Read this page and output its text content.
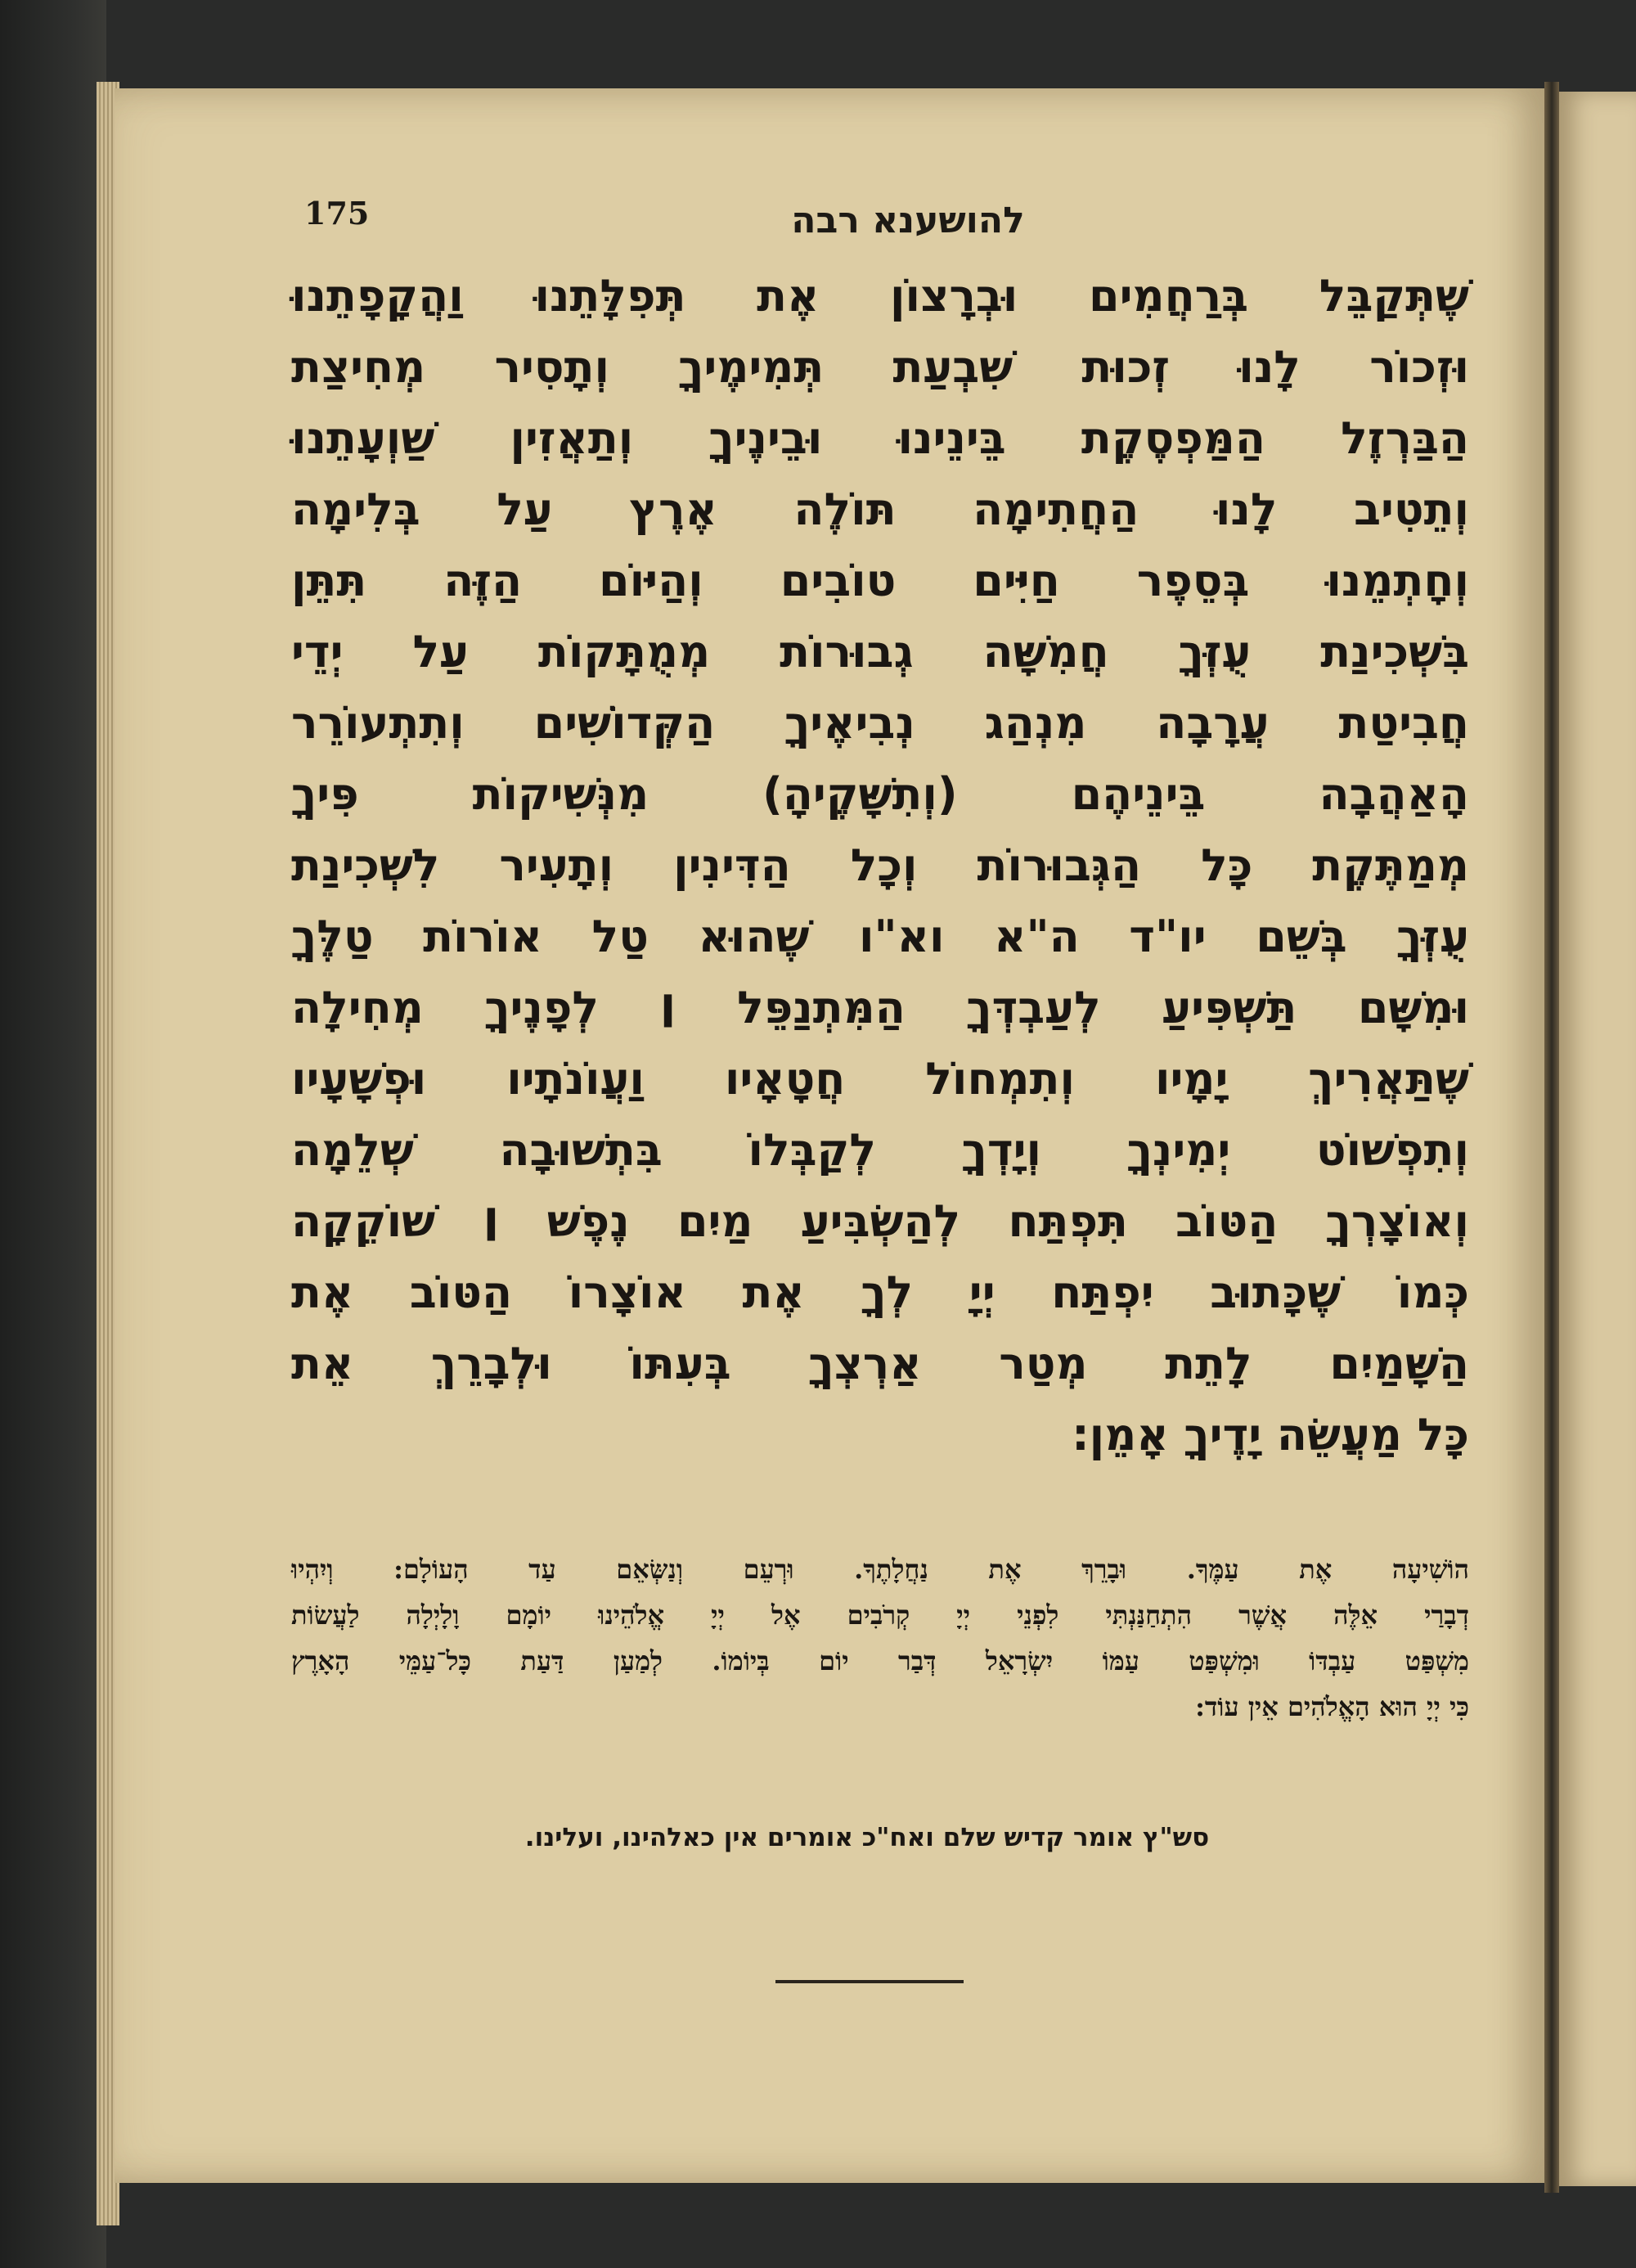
175	להושענא רבה
שֶׁתְּקַבֵּל בְּרַחֲמִים וּבְרָצוֹן אֶת תְּפִלָּתֵנוּ וַהֲקָפָתֵנוּ
וּזְכוֹר לָנוּ זְכוּת שִׁבְעַת תְּמִימֶיךָ וְתָסִיר מְחִיצַת
הַבַּרְזֶל הַמַּפְסֶקֶת בֵּינֵינוּ וּבֵינֶיךָ וְתַאֲזִין שַׁוְעָתֵנוּ
וְתֵטִיב לָנוּ הַחֲתִימָה תּוֹלֶה אֶרֶץ עַל בְּלִימָה
וְחָתְמֵנוּ בְּסֵפֶר חַיִּים טוֹבִים וְהַיּוֹם הַזֶּה תִּתֵּן
בִּשְׁכִינַת עֻזְּךָ חֲמִשָּׁה גְבוּרוֹת מְמֻתָּקוֹת עַל יְדֵי
חֲבִיטַת עֲרָבָה מִנְהַג נְבִיאֶיךָ הַקְּדוֹשִׁים וְתִתְעוֹרֵר
הָאַהֲבָה בֵּינֵיהֶם (וְתִשָּׁקֶיהָ) מִנְּשִׁיקוֹת פִּיךָ
מְמַתֶּקֶת כָּל הַגְּבוּרוֹת וְכָל הַדִּינִין וְתָעִיר לִשְׁכִינַת
עֻזְּךָ בְּשֵׁם יו"ד ה"א וא"ו שֶׁהוּא טַל אוֹרוֹת טַלֶּךָ
וּמִשָּׁם תַּשְׁפִּיעַ לְעַבְדְּךָ הַמִּתְנַפֵּל ׀ לְפָנֶיךָ מְחִילָה
שֶׁתַּאֲרִיךְ יָמָיו וְתִמְחוֹל חֲטָאָיו וַעֲוֹנֹתָיו וּפְשָׁעָיו
וְתִפְשׁוֹט יְמִינְךָ וְיָדְךָ לְקַבְּלוֹ בִּתְשׁוּבָה שְׁלֵמָה
וְאוֹצָרְךָ הַטּוֹב תִּפְתַּח לְהַשְׂבִּיעַ מַיִם נֶפֶשׁ ׀ שׁוֹקֵקָה
כְּמוֹ שֶׁכָּתוּב יִפְתַּח יְיָ לְךָ אֶת אוֹצָרוֹ הַטּוֹב אֶת
הַשָּׁמַיִם לָתֵת מְטַר אַרְצְךָ בְּעִתּוֹ וּלְבָרֵךְ אֵת
כָּל מַעֲשֵׂה יָדֶיךָ אָמֵן:
הוֹשִׁיעָה אֶת עַמֶּךָ. וּבָרֵךְ אֶת נַחֲלָתֶךָ. וּרְעֵם וְנַשְּׂאֵם עַד הָעוֹלָם: וְיִהְיוּ
דְבָרַי אֵלֶּה אֲשֶׁר הִתְחַנַּנְתִּי לִפְנֵי יְיָ קְרֹבִים אֶל יְיָ אֱלֹהֵינוּ יוֹמָם וָלָיְלָה לַעֲשׂוֹת
מִשְׁפַּט עַבְדּוֹ וּמִשְׁפַּט עַמּוֹ יִשְׂרָאֵל דְּבַר יוֹם בְּיוֹמוֹ. לְמַעַן דַּעַת כָּל־עַמֵּי הָאָרֶץ
כִּי יְיָ הוּא הָאֱלֹהִים אֵין עוֹד:
סש"ץ אומר קדיש שלם ואח"כ אומרים אין כאלהינו, ועלינו.
